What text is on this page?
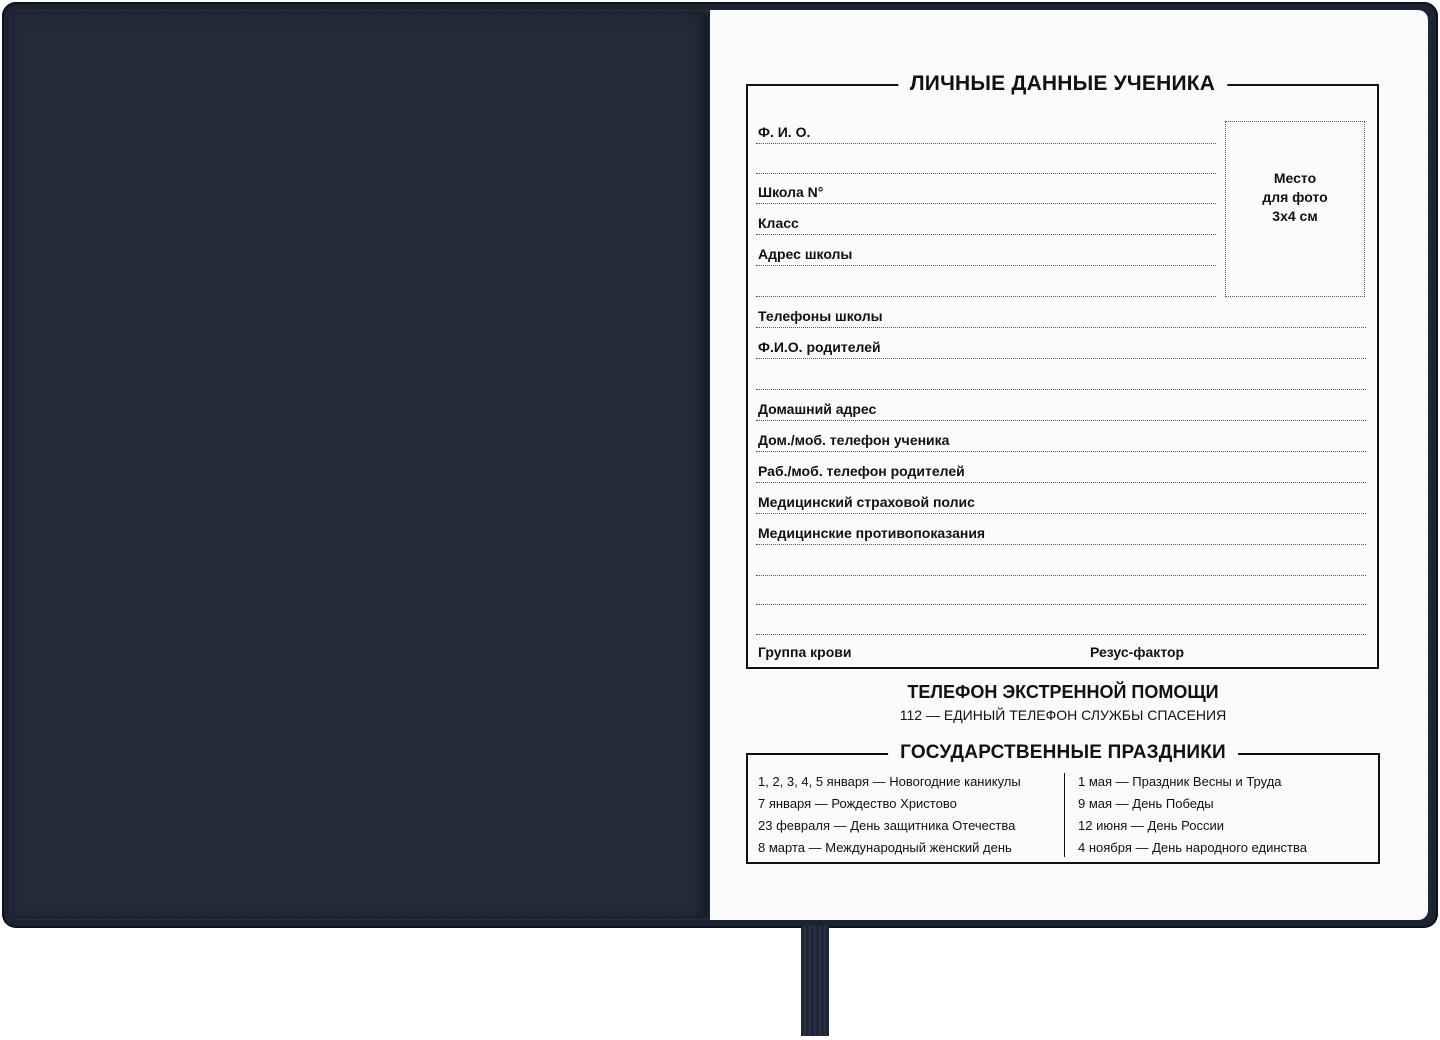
ЛИЧНЫЕ ДАННЫЕ УЧЕНИКА
Ф. И. О.
Школа N°
Класс
Адрес школы
Место
для фото
3x4 см
Телефоны школы
Ф.И.О. родителей
Домашний адрес
Дом./моб. телефон ученика
Раб./моб. телефон родителей
Медицинский страховой полис
Медицинские противопоказания
Группа крови	Резус-фактор
ТЕЛЕФОН ЭКСТРЕННОЙ ПОМОЩИ
112 — ЕДИНЫЙ ТЕЛЕФОН СЛУЖБЫ СПАСЕНИЯ
ГОСУДАРСТВЕННЫЕ ПРАЗДНИКИ
1, 2, 3, 4, 5 января — Новогодние каникулы
7 января — Рождество Христово
23 февраля — День защитника Отечества
8 марта — Международный женский день
1 мая — Праздник Весны и Труда
9 мая — День Победы
12 июня — День России
4 ноября — День народного единства
